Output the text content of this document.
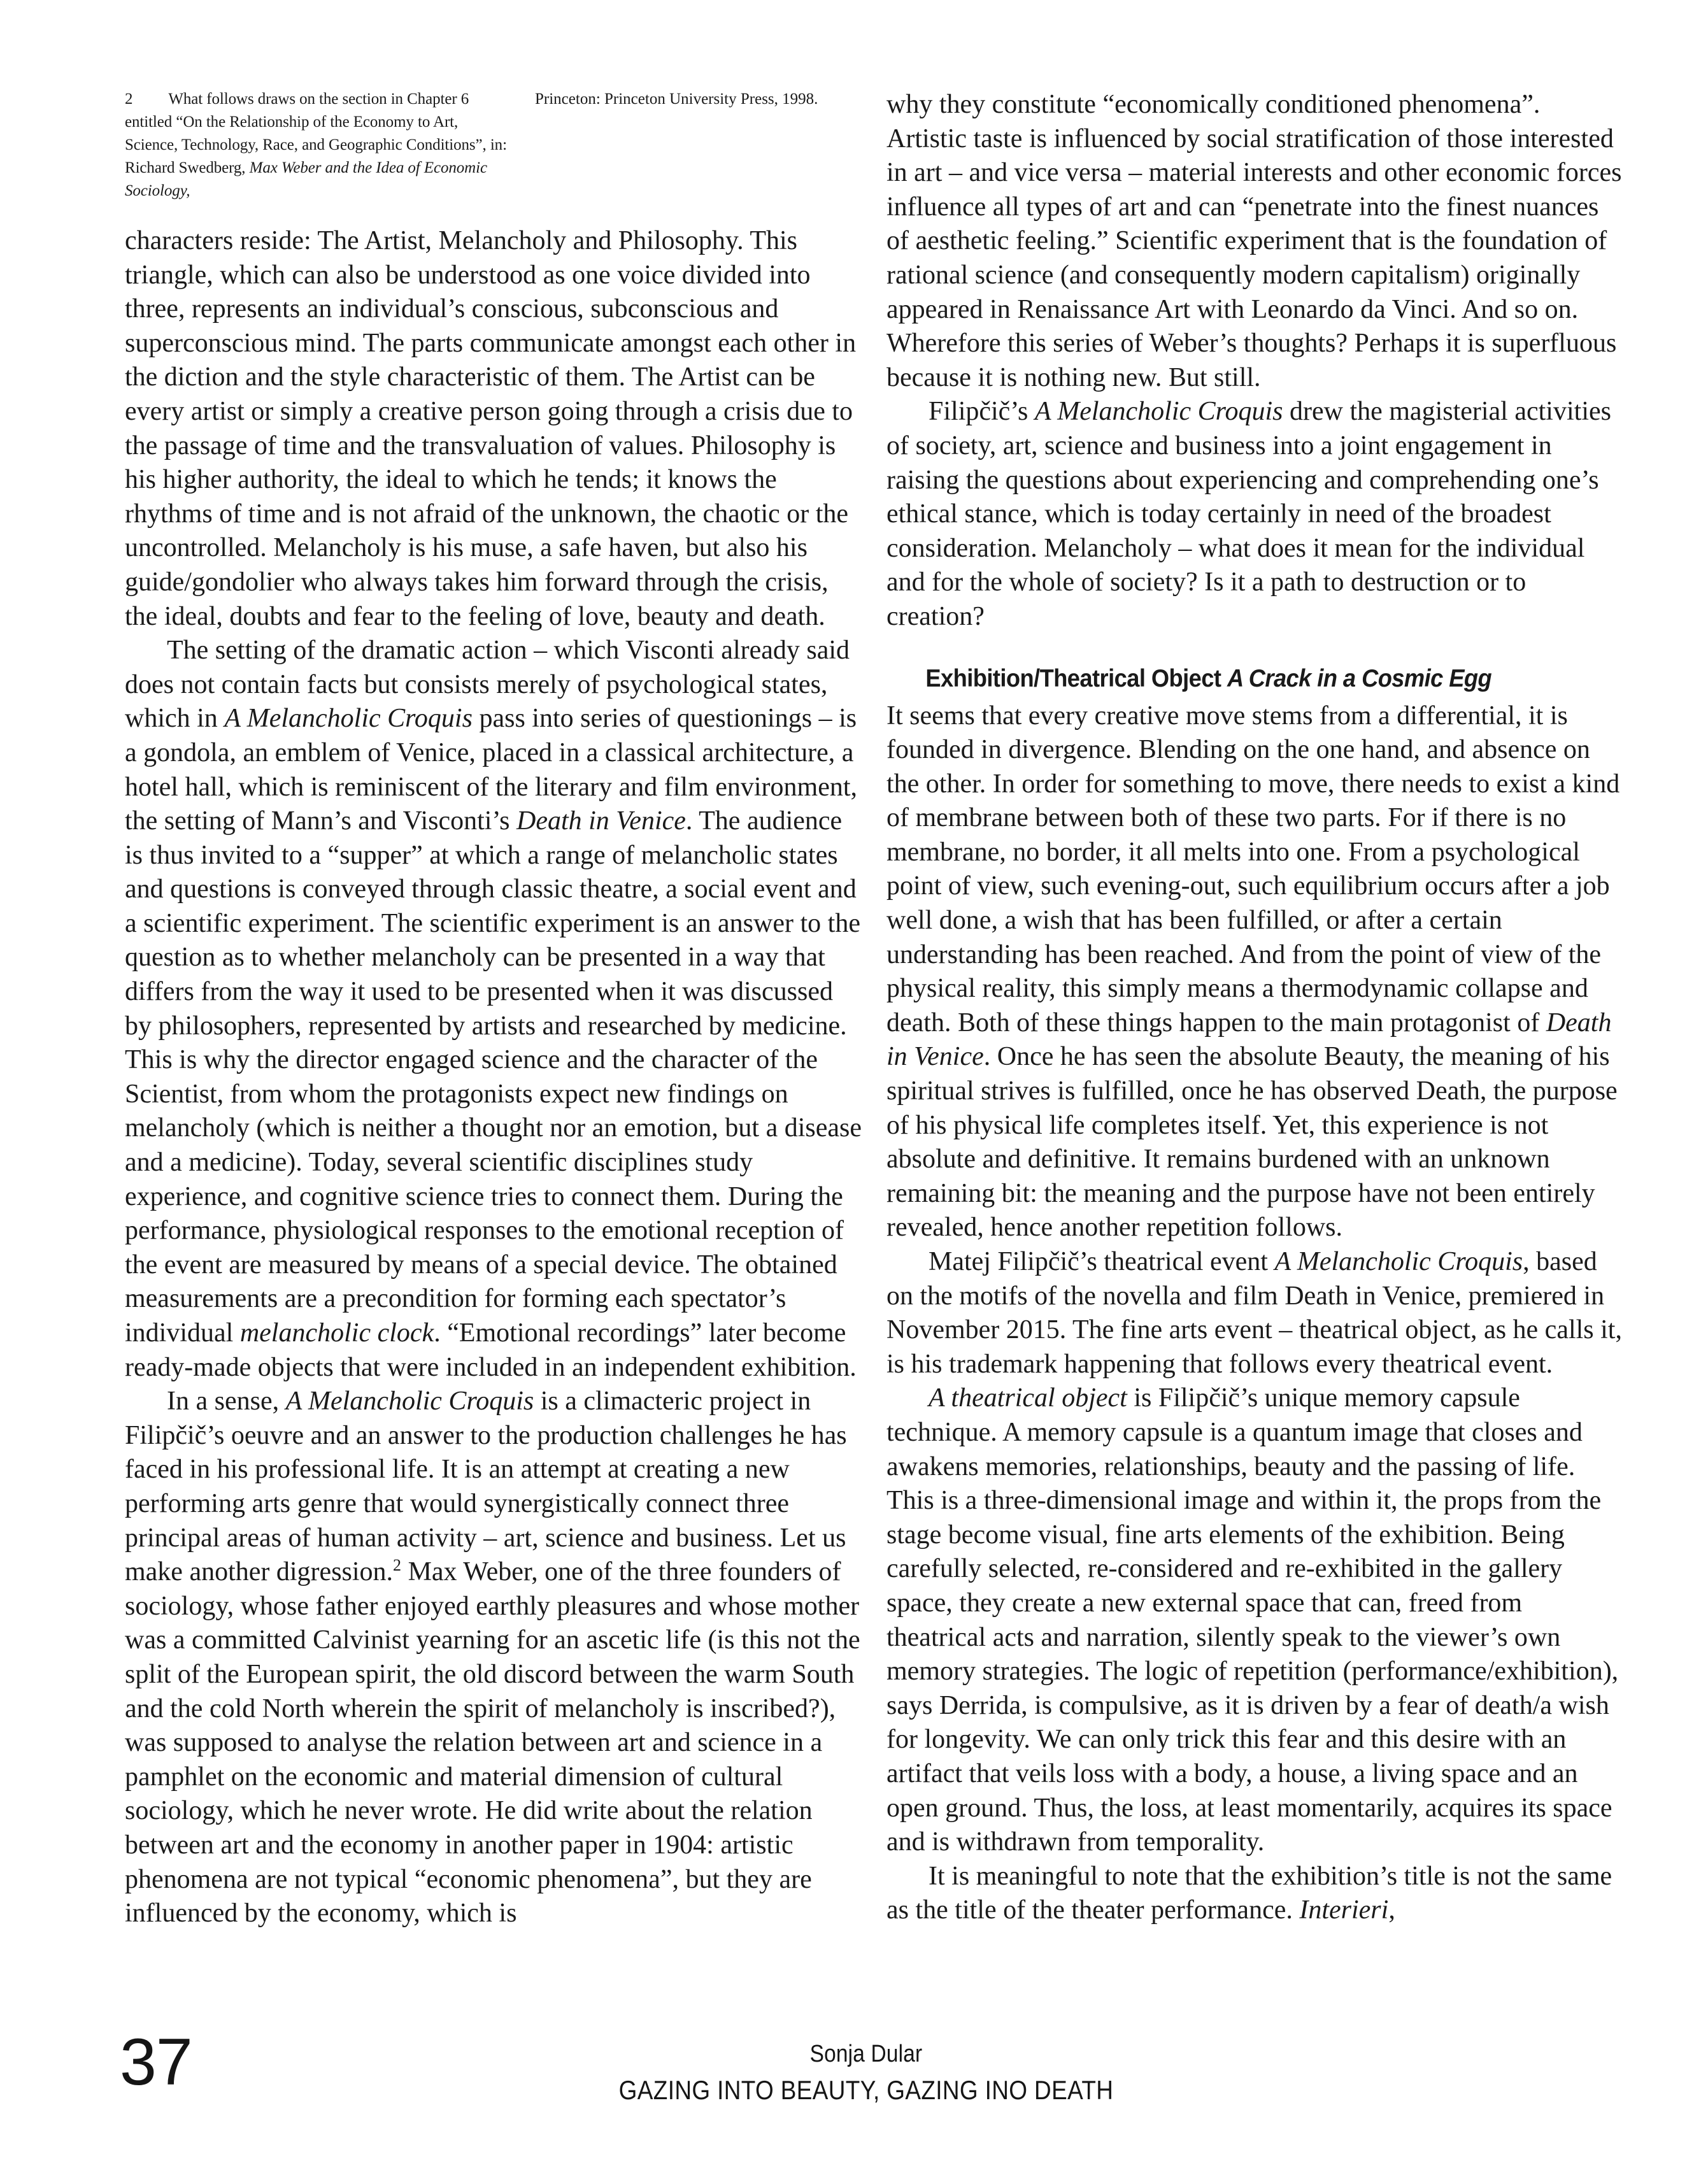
2 What follows draws on the section in Chapter 6 entitled “On the Relationship of the Economy to Art, Science, Technology, Race, and Geographic Conditions”, in: Richard Swedberg, Max Weber and the Idea of Economic Sociology,
Princeton: Princeton University Press, 1998.

characters reside: The Artist, Melancholy and Philosophy. This triangle, which can also be understood as one voice divided into three, represents an individual’s conscious, subconscious and superconscious mind. The parts communicate amongst each other in the diction and the style characteristic of them. The Artist can be every artist or simply a creative person going through a crisis due to the passage of time and the transvaluation of values. Philosophy is his higher authority, the ideal to which he tends; it knows the rhythms of time and is not afraid of the unknown, the chaotic or the uncontrolled. Melancholy is his muse, a safe haven, but also his guide/gondolier who always takes him forward through the crisis, the ideal, doubts and fear to the feeling of love, beauty and death.

The setting of the dramatic action – which Visconti already said does not contain facts but consists merely of psychological states, which in A Melancholic Croquis pass into series of questionings – is a gondola, an emblem of Venice, placed in a classical architecture, a hotel hall, which is reminiscent of the literary and film environment, the setting of Mann’s and Visconti’s Death in Venice. The audience is thus invited to a “supper” at which a range of melancholic states and questions is conveyed through classic theatre, a social event and a scientific experiment. The scientific experiment is an answer to the question as to whether melancholy can be presented in a way that differs from the way it used to be presented when it was discussed by philosophers, represented by artists and researched by medicine. This is why the director engaged science and the character of the Scientist, from whom the protagonists expect new findings on melancholy (which is neither a thought nor an emotion, but a disease and a medicine). Today, several scientific disciplines study experience, and cognitive science tries to connect them. During the performance, physiological responses to the emotional reception of the event are measured by means of a special device. The obtained measurements are a precondition for forming each spectator’s individual melancholic clock. “Emotional recordings” later become ready-made objects that were included in an independent exhibition.

In a sense, A Melancholic Croquis is a climacteric project in Filipčič’s oeuvre and an answer to the production challenges he has faced in his professional life. It is an attempt at creating a new performing arts genre that would synergistically connect three principal areas of human activity – art, science and business. Let us make another digression.$^2$ Max Weber, one of the three founders of sociology, whose father enjoyed earthly pleasures and whose mother was a committed Calvinist yearning for an ascetic life (is this not the split of the European spirit, the old discord between the warm South and the cold North wherein the spirit of melancholy is inscribed?), was supposed to analyse the relation between art and science in a pamphlet on the economic and material dimension of cultural sociology, which he never wrote. He did write about the relation between art and the economy in another paper in 1904: artistic phenomena are not typical “economic phenomena”, but they are influenced by the economy, which is

why they constitute “economically conditioned phenomena”. Artistic taste is influenced by social stratification of those interested in art – and vice versa – material interests and other economic forces influence all types of art and can “penetrate into the finest nuances of aesthetic feeling.” Scientific experiment that is the foundation of rational science (and consequently modern capitalism) originally appeared in Renaissance Art with Leonardo da Vinci. And so on. Wherefore this series of Weber’s thoughts? Perhaps it is superfluous because it is nothing new. But still.

Filipčič’s A Melancholic Croquis drew the magisterial activities of society, art, science and business into a joint engagement in raising the questions about experiencing and comprehending one’s ethical stance, which is today certainly in need of the broadest consideration. Melancholy – what does it mean for the individual and for the whole of society? Is it a path to destruction or to creation?

Exhibition/Theatrical Object A Crack in a Cosmic Egg

It seems that every creative move stems from a differential, it is founded in divergence. Blending on the one hand, and absence on the other. In order for something to move, there needs to exist a kind of membrane between both of these two parts. For if there is no membrane, no border, it all melts into one. From a psychological point of view, such evening-out, such equilibrium occurs after a job well done, a wish that has been fulfilled, or after a certain understanding has been reached. And from the point of view of the physical reality, this simply means a thermodynamic collapse and death. Both of these things happen to the main protagonist of Death in Venice. Once he has seen the absolute Beauty, the meaning of his spiritual strives is fulfilled, once he has observed Death, the purpose of his physical life completes itself. Yet, this experience is not absolute and definitive. It remains burdened with an unknown remaining bit: the meaning and the purpose have not been entirely revealed, hence another repetition follows.

Matej Filipčič’s theatrical event A Melancholic Croquis, based on the motifs of the novella and film Death in Venice, premiered in November 2015. The fine arts event – theatrical object, as he calls it, is his trademark happening that follows every theatrical event.

A theatrical object is Filipčič’s unique memory capsule technique. A memory capsule is a quantum image that closes and awakens memories, relationships, beauty and the passing of life. This is a three-dimensional image and within it, the props from the stage become visual, fine arts elements of the exhibition. Being carefully selected, re-considered and re-exhibited in the gallery space, they create a new external space that can, freed from theatrical acts and narration, silently speak to the viewer’s own memory strategies. The logic of repetition (performance/exhibition), says Derrida, is compulsive, as it is driven by a fear of death/a wish for longevity. We can only trick this fear and this desire with an artifact that veils loss with a body, a house, a living space and an open ground. Thus, the loss, at least momentarily, acquires its space and is withdrawn from temporality.

It is meaningful to note that the exhibition’s title is not the same as the title of the theater performance. Interieri,

37	Sonja Dular
GAZING INTO BEAUTY, GAZING INO DEATH
